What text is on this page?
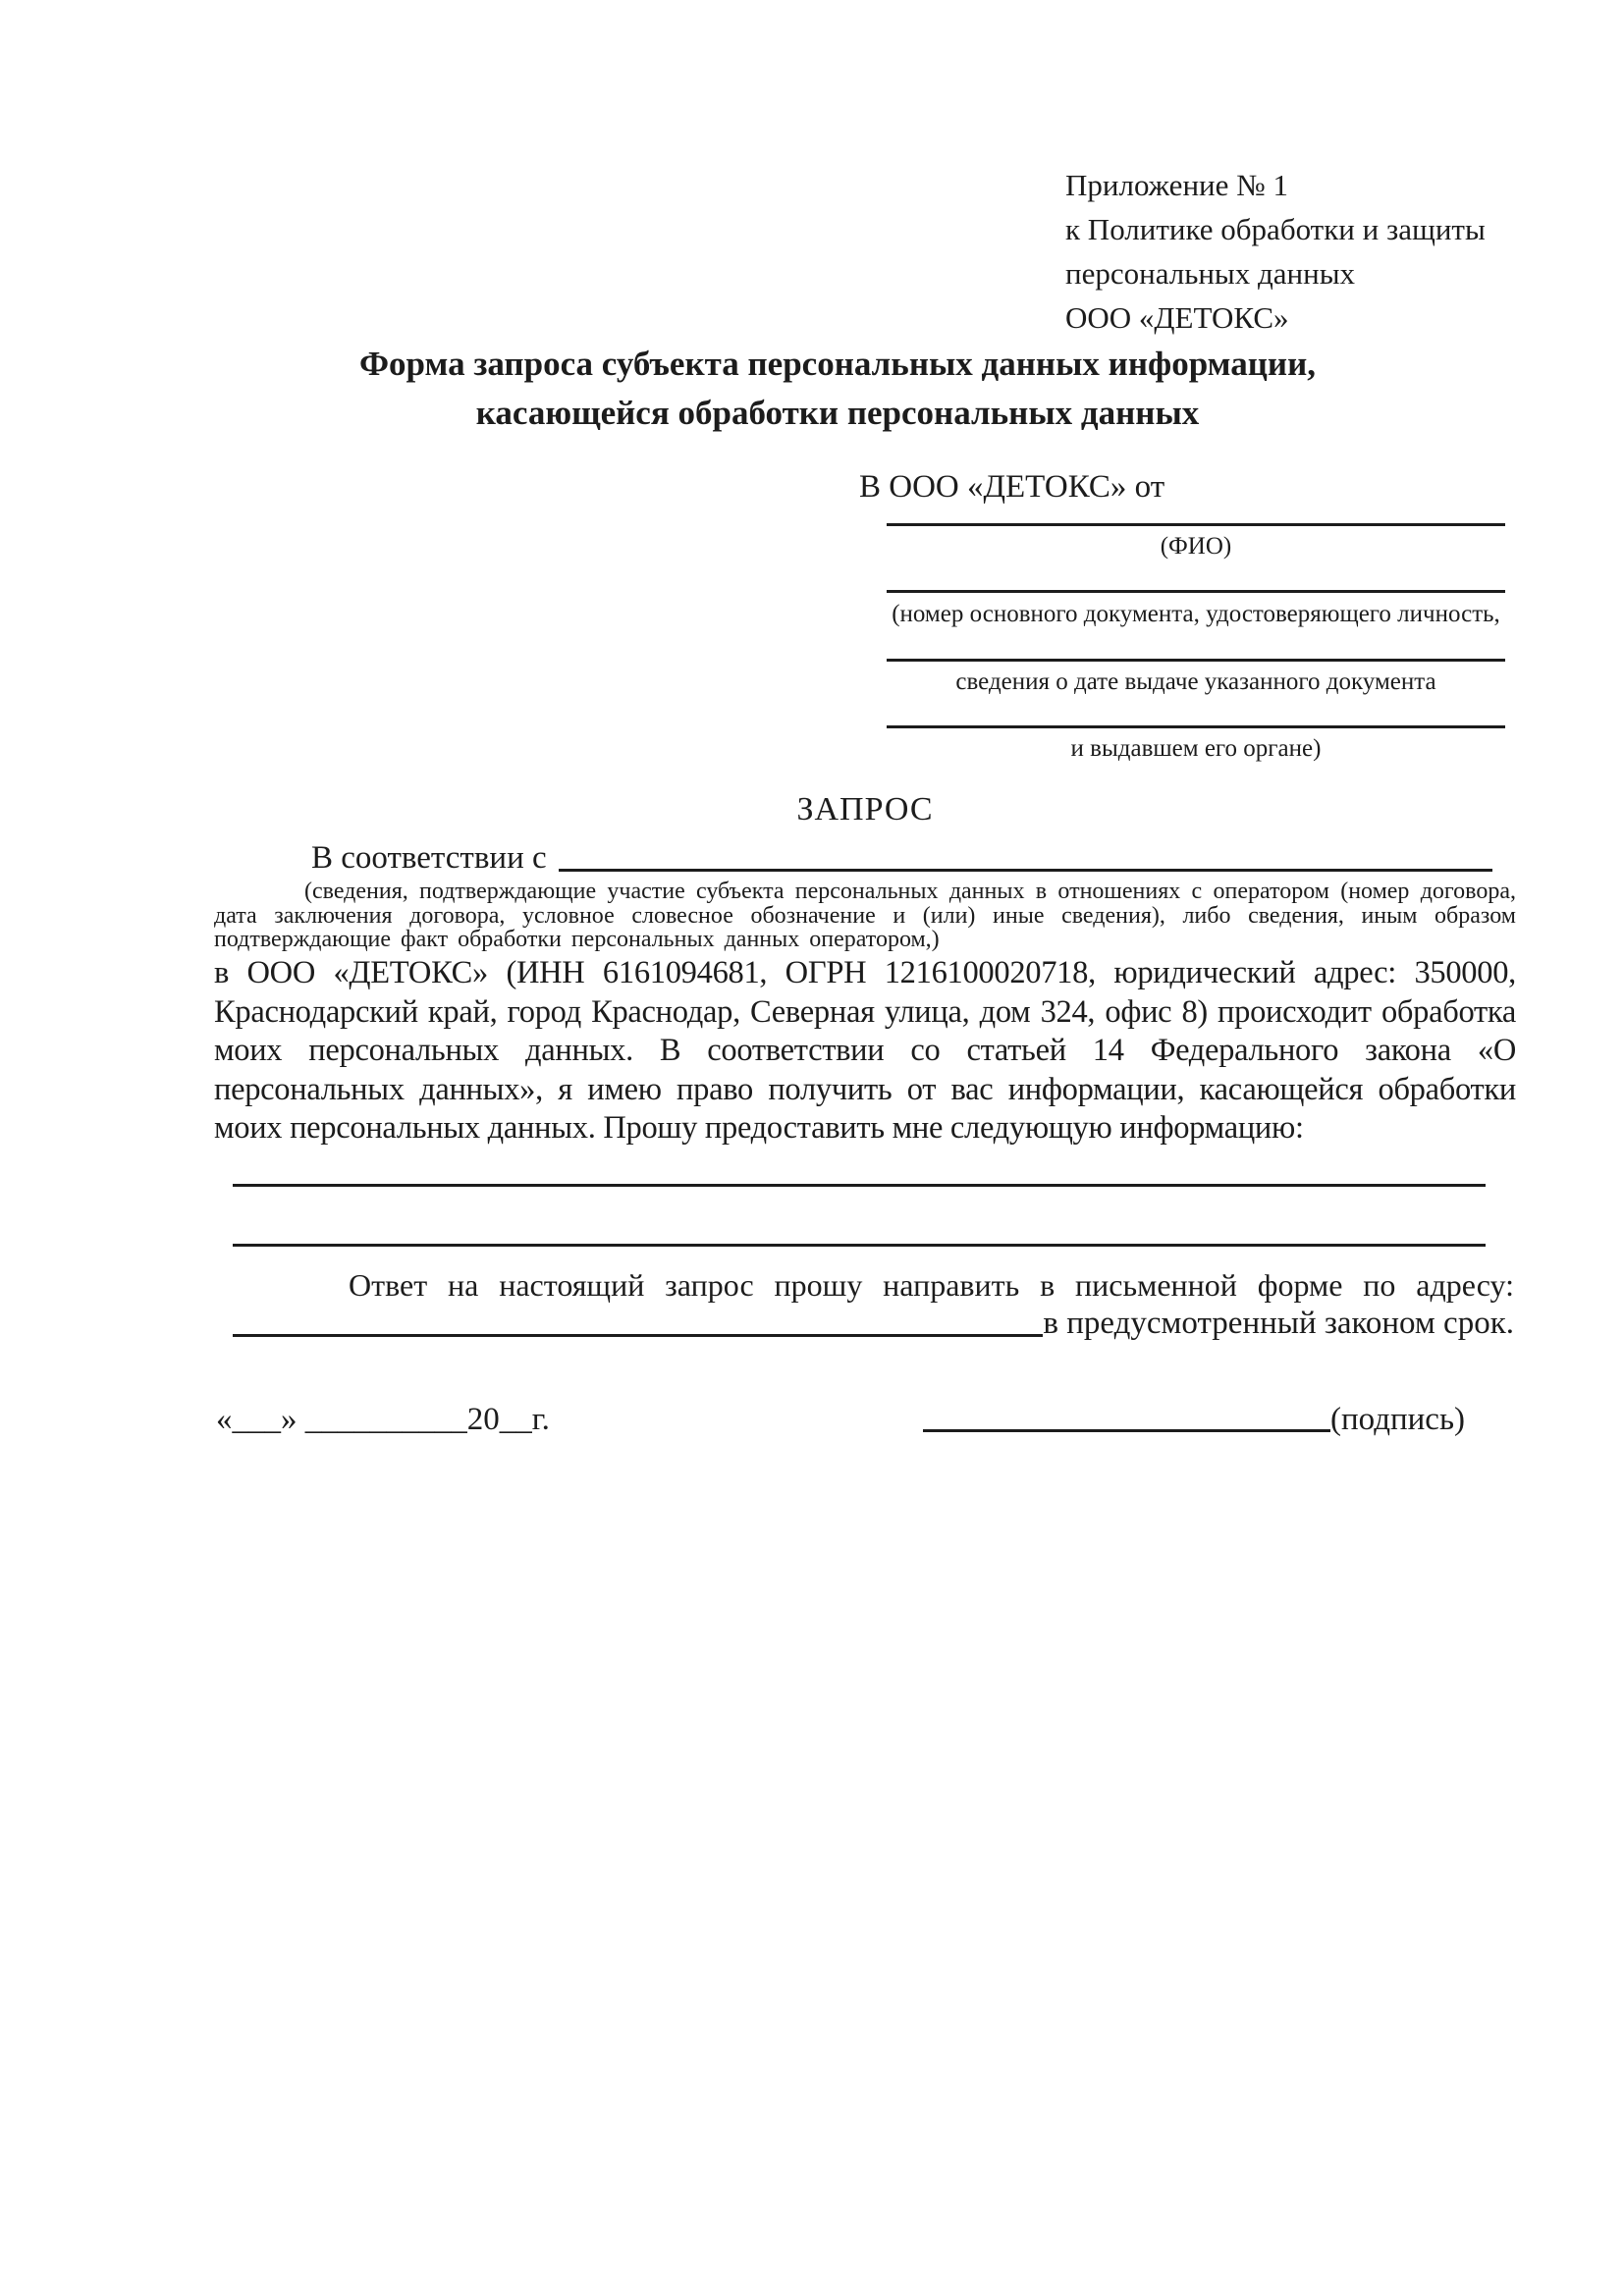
Приложение № 1
к Политике обработки и защиты
персональных данных
ООО «ДЕТОКС»
Форма запроса субъекта персональных данных информации,
касающейся обработки персональных данных
В ООО «ДЕТОКС» от
(ФИО)
(номер основного документа, удостоверяющего личность,
сведения о дате выдаче указанного документа
и выдавшем его органе)
ЗАПРОС
В соответствии с
(сведения, подтверждающие участие субъекта персональных данных в отношениях с оператором (номер договора, дата заключения договора, условное словесное обозначение и (или) иные сведения), либо сведения, иным образом подтверждающие факт обработки персональных данных оператором,)
в ООО «ДЕТОКС» (ИНН 6161094681, ОГРН 1216100020718, юридический адрес: 350000, Краснодарский край, город Краснодар, Северная улица, дом 324, офис 8) происходит обработка моих персональных данных. В соответствии со статьей 14 Федерального закона «О персональных данных», я имею право получить от вас информации, касающейся обработки моих персональных данных. Прошу предоставить мне следующую информацию:
Ответ на настоящий запрос прошу направить в письменной форме по адресу:
в предусмотренный законом срок.
«___» __________20__г.	(подпись)
